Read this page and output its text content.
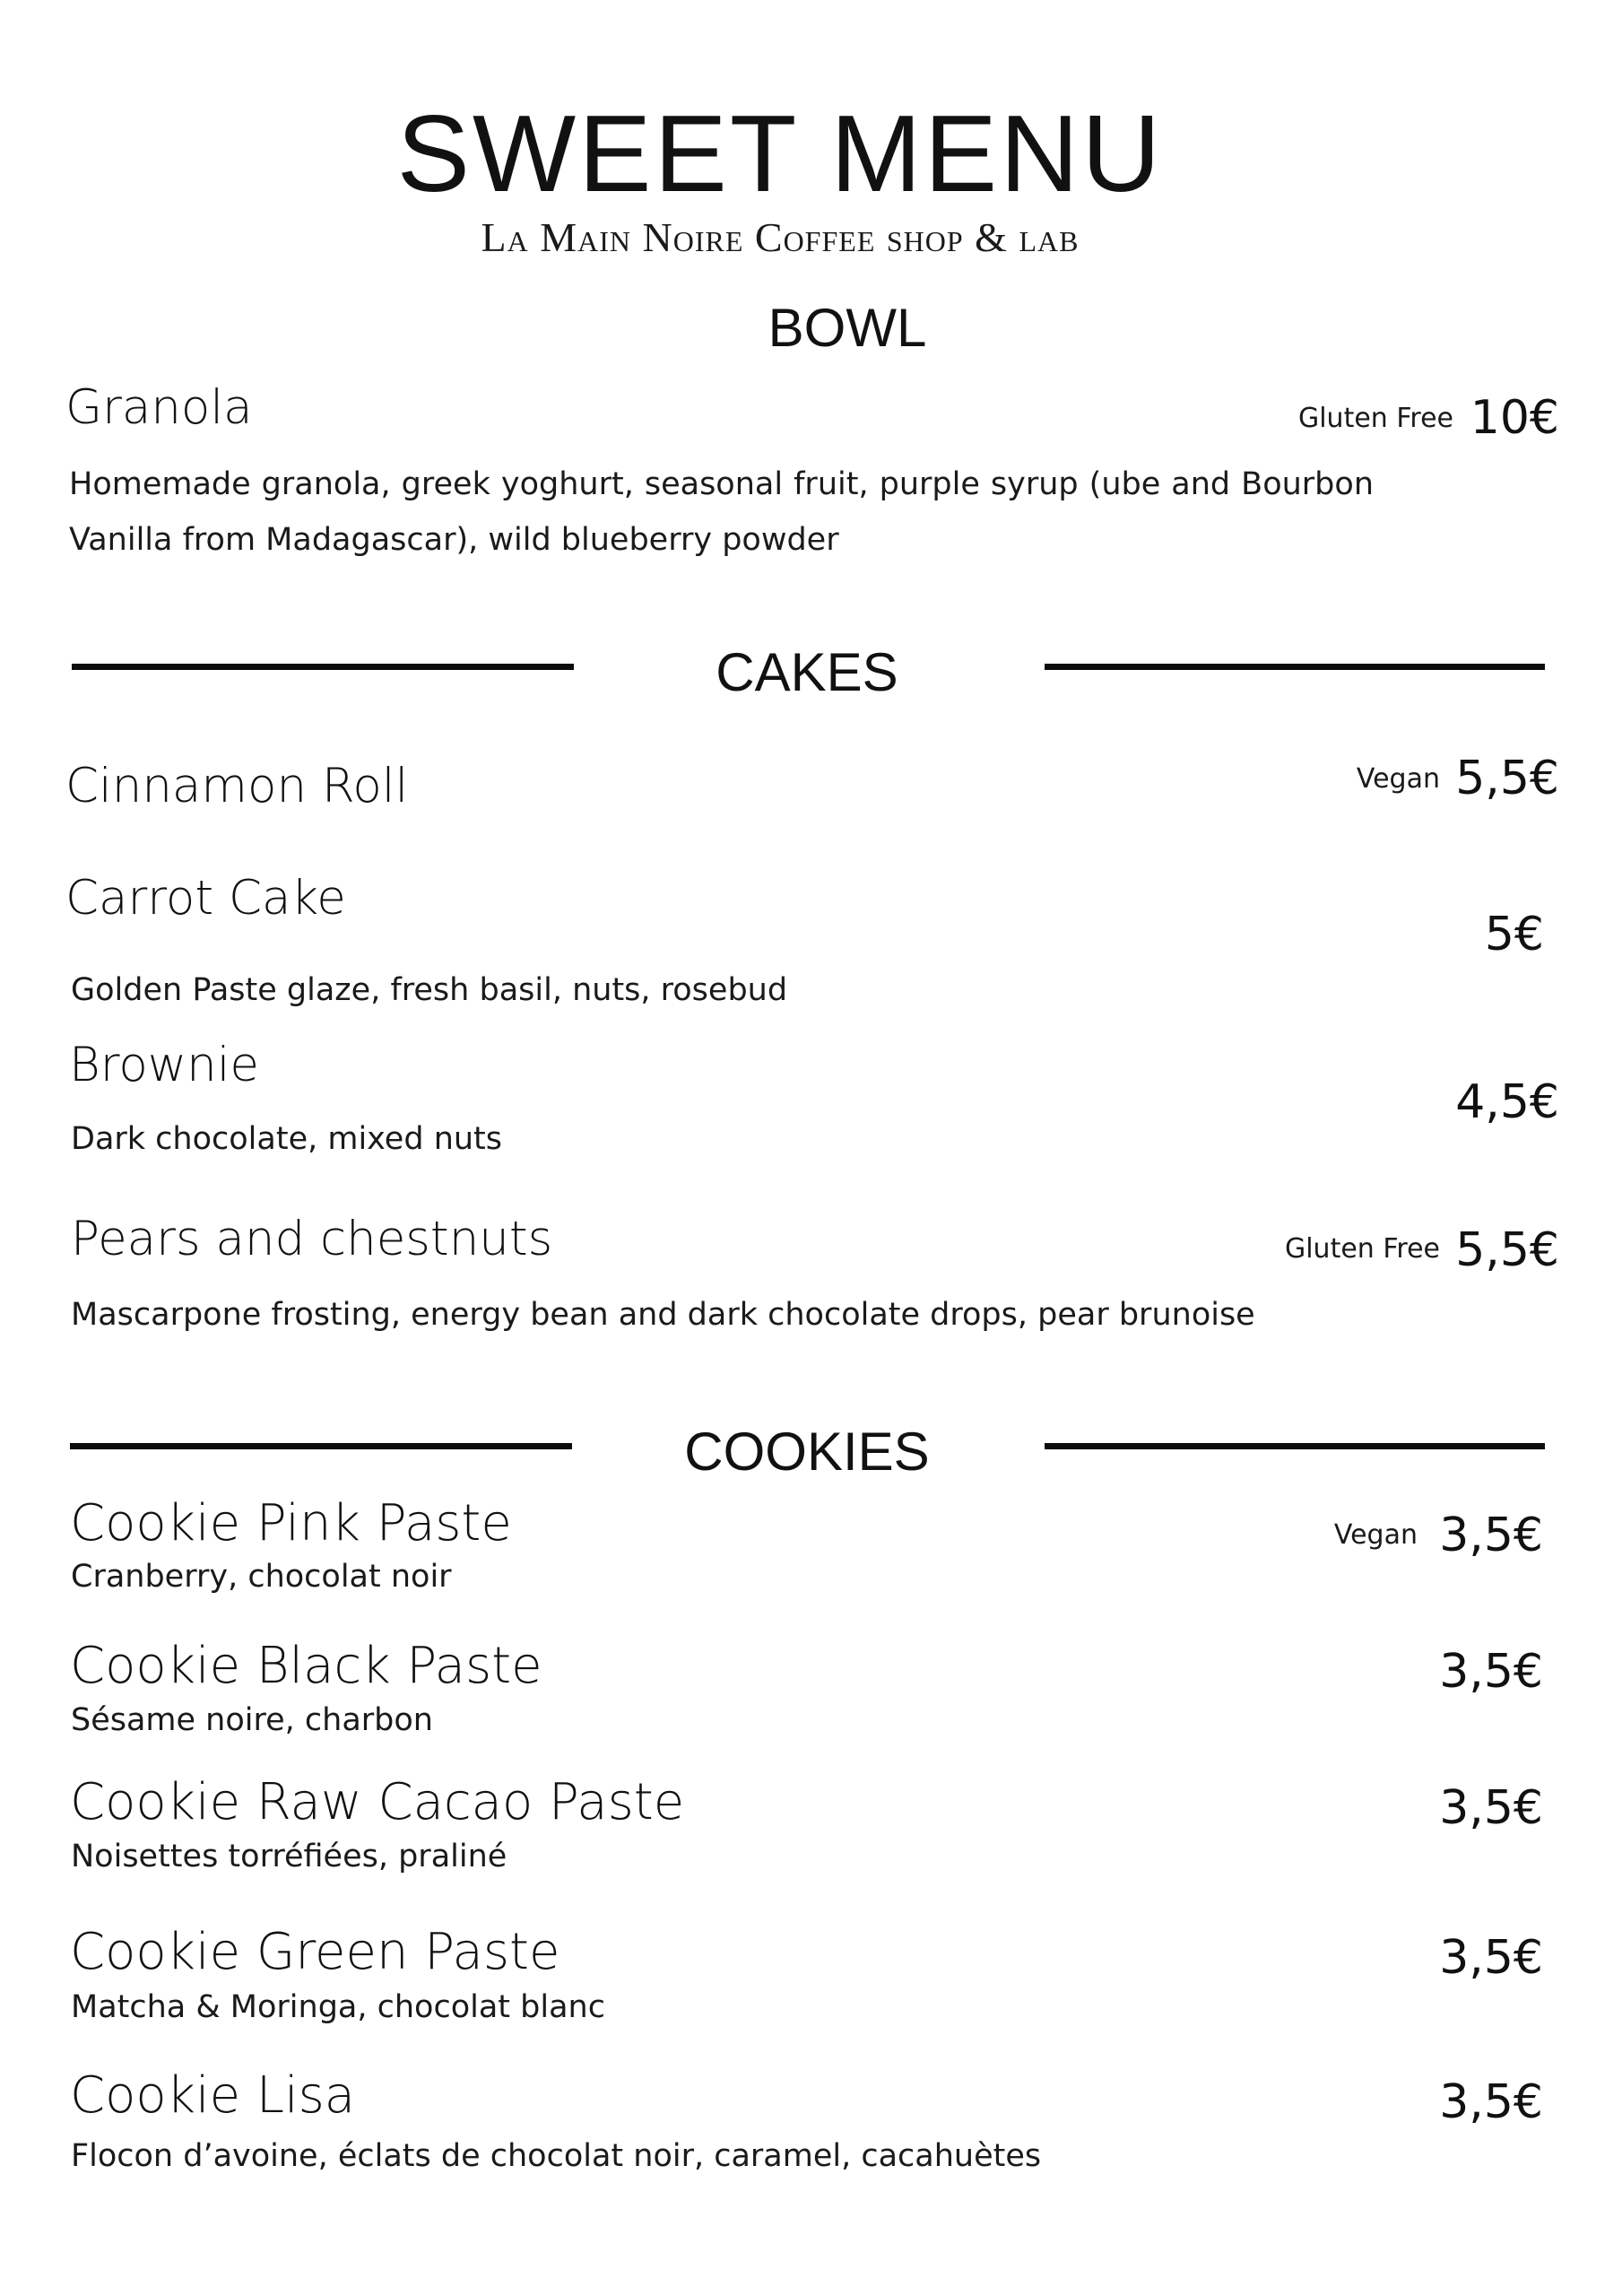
SWEET MENU
La Main Noire Coffee shop & lab
BOWL
Granola	Gluten Free 10€
Homemade granola, greek yoghurt, seasonal fruit, purple syrup (ube and Bourbon Vanilla from Madagascar), wild blueberry powder
CAKES
Cinnamon Roll	Vegan 5,5€
Carrot Cake
5€
Golden Paste glaze, fresh basil, nuts, rosebud
Brownie
4,5€
Dark chocolate, mixed nuts
Pears and chestnuts	Gluten Free 5,5€
Mascarpone frosting, energy bean and dark chocolate drops, pear brunoise
COOKIES
Cookie Pink Paste	Vegan 3,5€
Cranberry, chocolat noir
Cookie Black Paste	3,5€
Sésame noire, charbon
Cookie Raw Cacao Paste	3,5€
Noisettes torréfiées, praliné
Cookie Green Paste	3,5€
Matcha & Moringa, chocolat blanc
Cookie Lisa	3,5€
Flocon d’avoine, éclats de chocolat noir, caramel, cacahuètes
